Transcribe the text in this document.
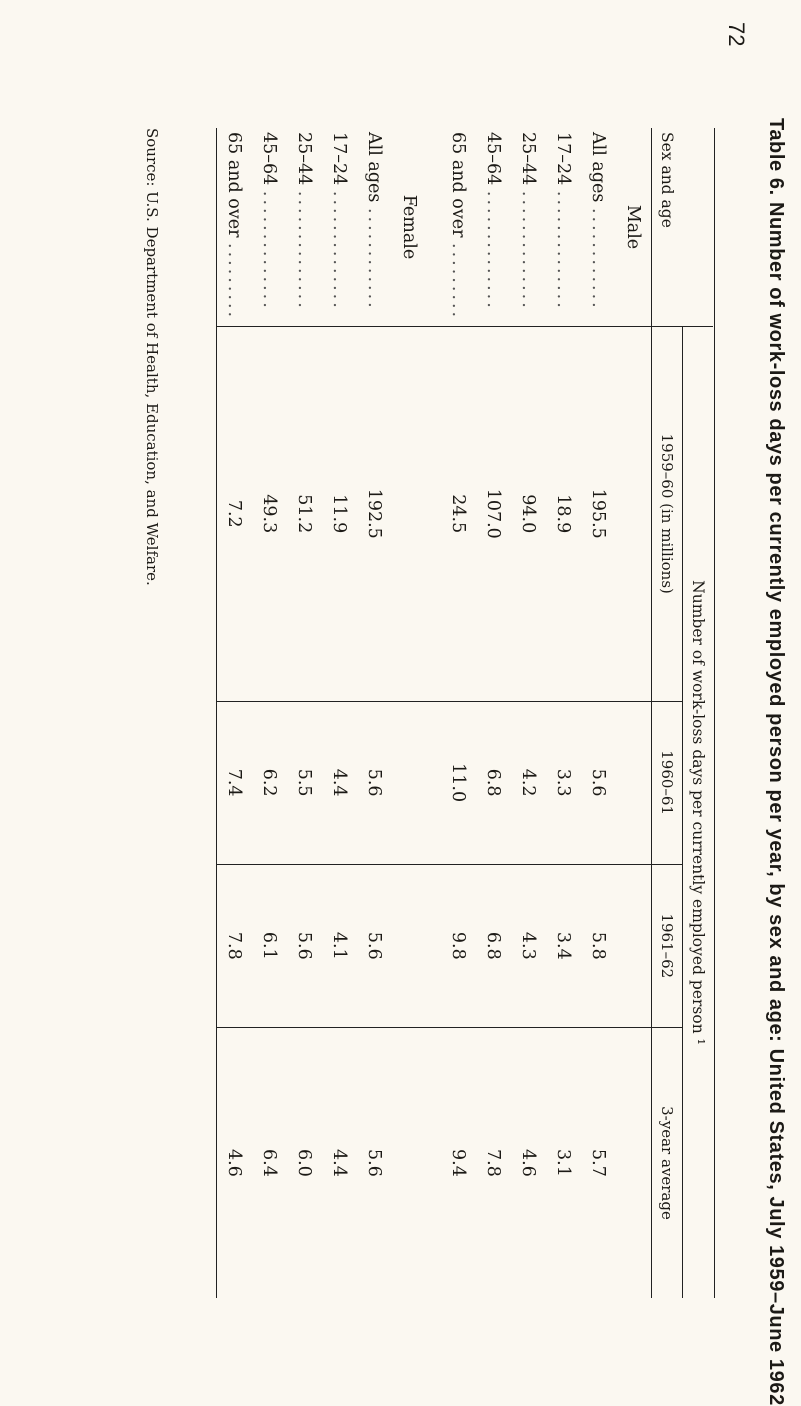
72
Table 6. Number of work-loss days per currently employed person per year, by sex and age: United States, July 1959–June 1962
Sex and age	Number of work-loss days per currently employed person ¹			
	1959–60 (in millions)	1960–61	1961–62	3-year average
Male				
All ages ............	195.5	5.6	5.8	5.7
17–24 ..............	18.9	3.3	3.4	3.1
25–44 ..............	94.0	4.2	4.3	4.6
45–64 ..............	107.0	6.8	6.8	7.8
65 and over .........	24.5	11.0	9.8	9.4

Female				
All ages ............	192.5	5.6	5.6	5.6
17–24 ..............	11.9	4.4	4.1	4.4
25–44 ..............	51.2	5.5	5.6	6.0
45–64 ..............	49.3	6.2	6.1	6.4
65 and over .........	7.2	7.4	7.8	4.6
Source: U.S. Department of Health, Education, and Welfare.
